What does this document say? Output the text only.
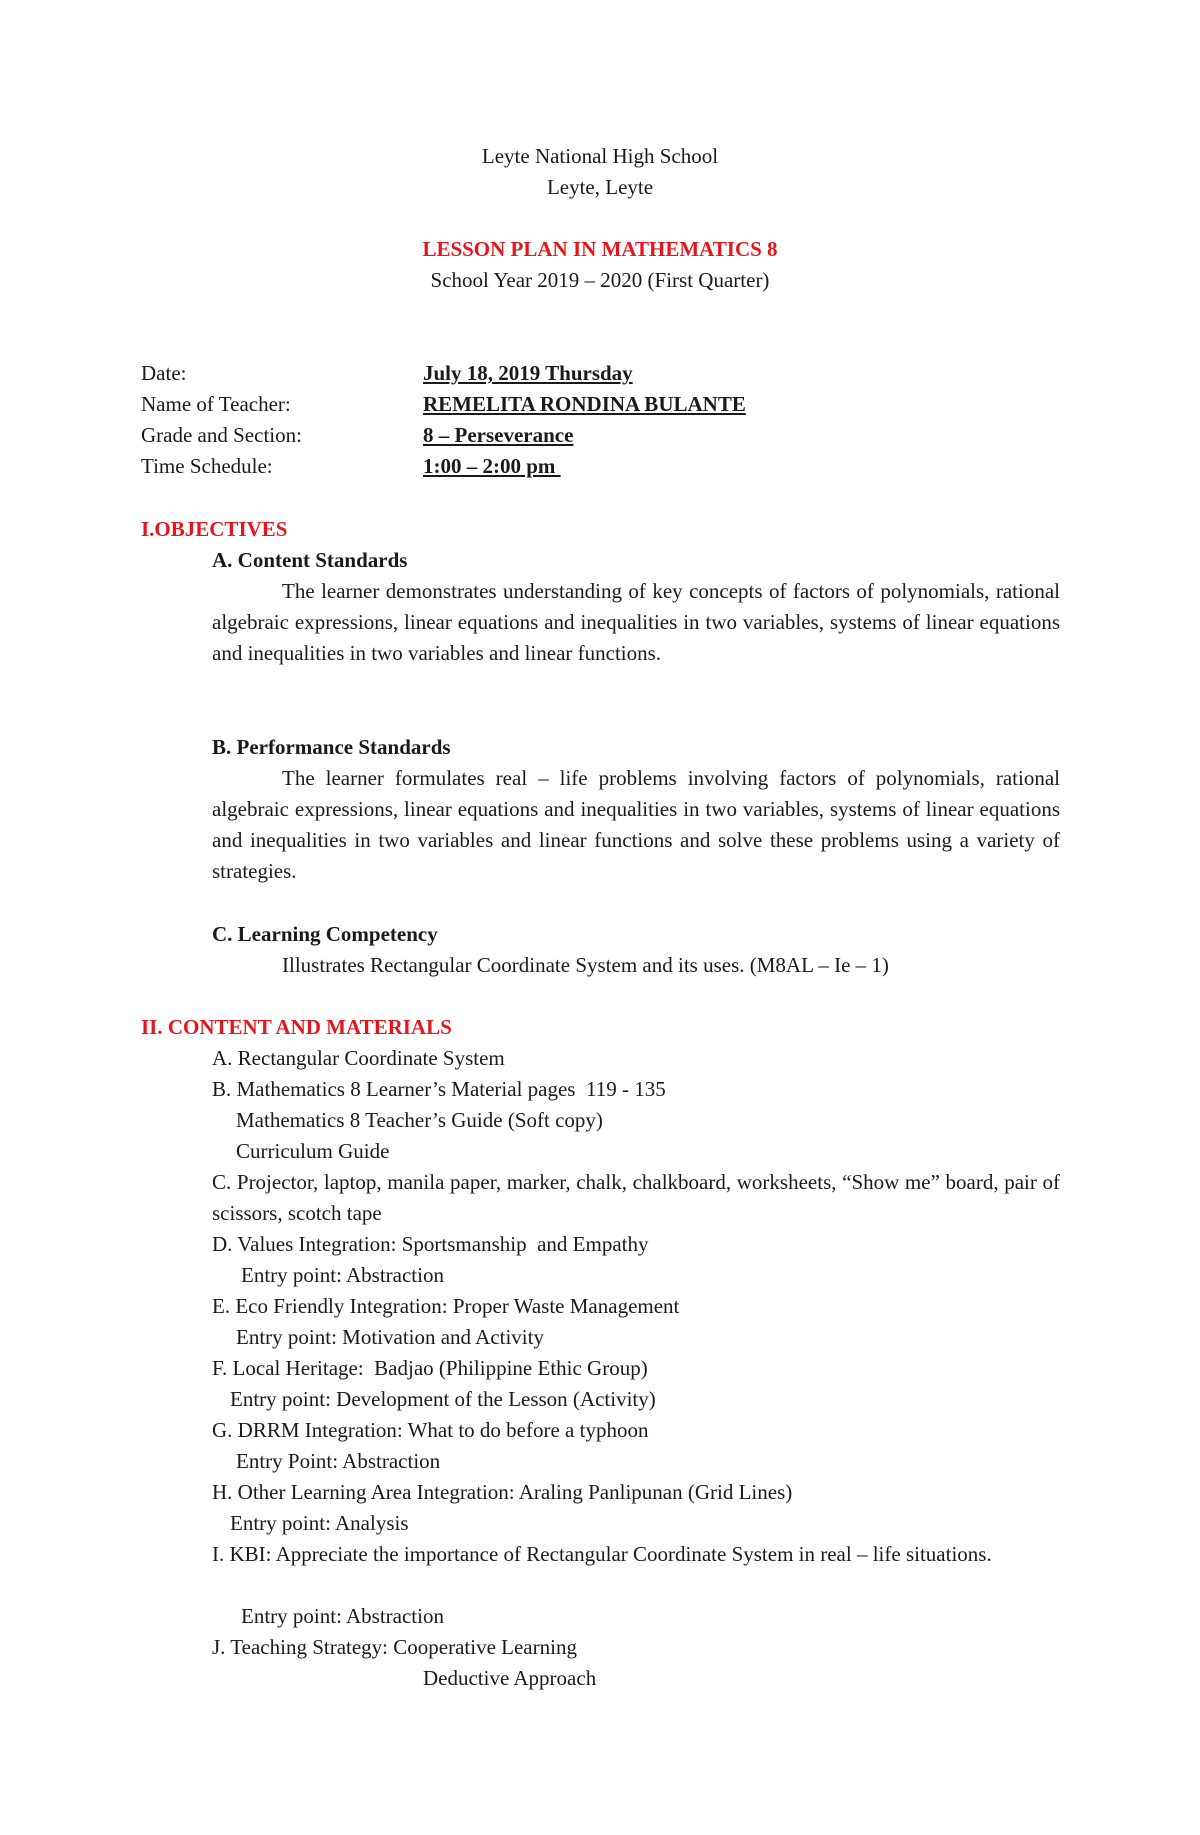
Leyte National High School
Leyte, Leyte
LESSON PLAN IN MATHEMATICS 8
School Year 2019 – 2020 (First Quarter)
Date:	July 18, 2019 Thursday
Name of Teacher:	REMELITA RONDINA BULANTE
Grade and Section:	8 – Perseverance
Time Schedule:	1:00 – 2:00 pm
I.OBJECTIVES
A. Content Standards
The learner demonstrates understanding of key concepts of factors of polynomials, rational algebraic expressions, linear equations and inequalities in two variables, systems of linear equations and inequalities in two variables and linear functions.
B. Performance Standards
The learner formulates real – life problems involving factors of polynomials, rational algebraic expressions, linear equations and inequalities in two variables, systems of linear equations and inequalities in two variables and linear functions and solve these problems using a variety of strategies.
C. Learning Competency
Illustrates Rectangular Coordinate System and its uses. (M8AL – Ie – 1)
II. CONTENT AND MATERIALS
A. Rectangular Coordinate System
B. Mathematics 8 Learner’s Material pages  119 - 135
Mathematics 8 Teacher’s Guide (Soft copy)
Curriculum Guide
C. Projector, laptop, manila paper, marker, chalk, chalkboard, worksheets, “Show me” board, pair of scissors, scotch tape
D. Values Integration: Sportsmanship  and Empathy
Entry point: Abstraction
E. Eco Friendly Integration: Proper Waste Management
Entry point: Motivation and Activity
F. Local Heritage:  Badjao (Philippine Ethic Group)
Entry point: Development of the Lesson (Activity)
G. DRRM Integration: What to do before a typhoon
Entry Point: Abstraction
H. Other Learning Area Integration: Araling Panlipunan (Grid Lines)
Entry point: Analysis
I. KBI: Appreciate the importance of Rectangular Coordinate System in real – life situations.
Entry point: Abstraction
J. Teaching Strategy: Cooperative Learning
Deductive Approach
